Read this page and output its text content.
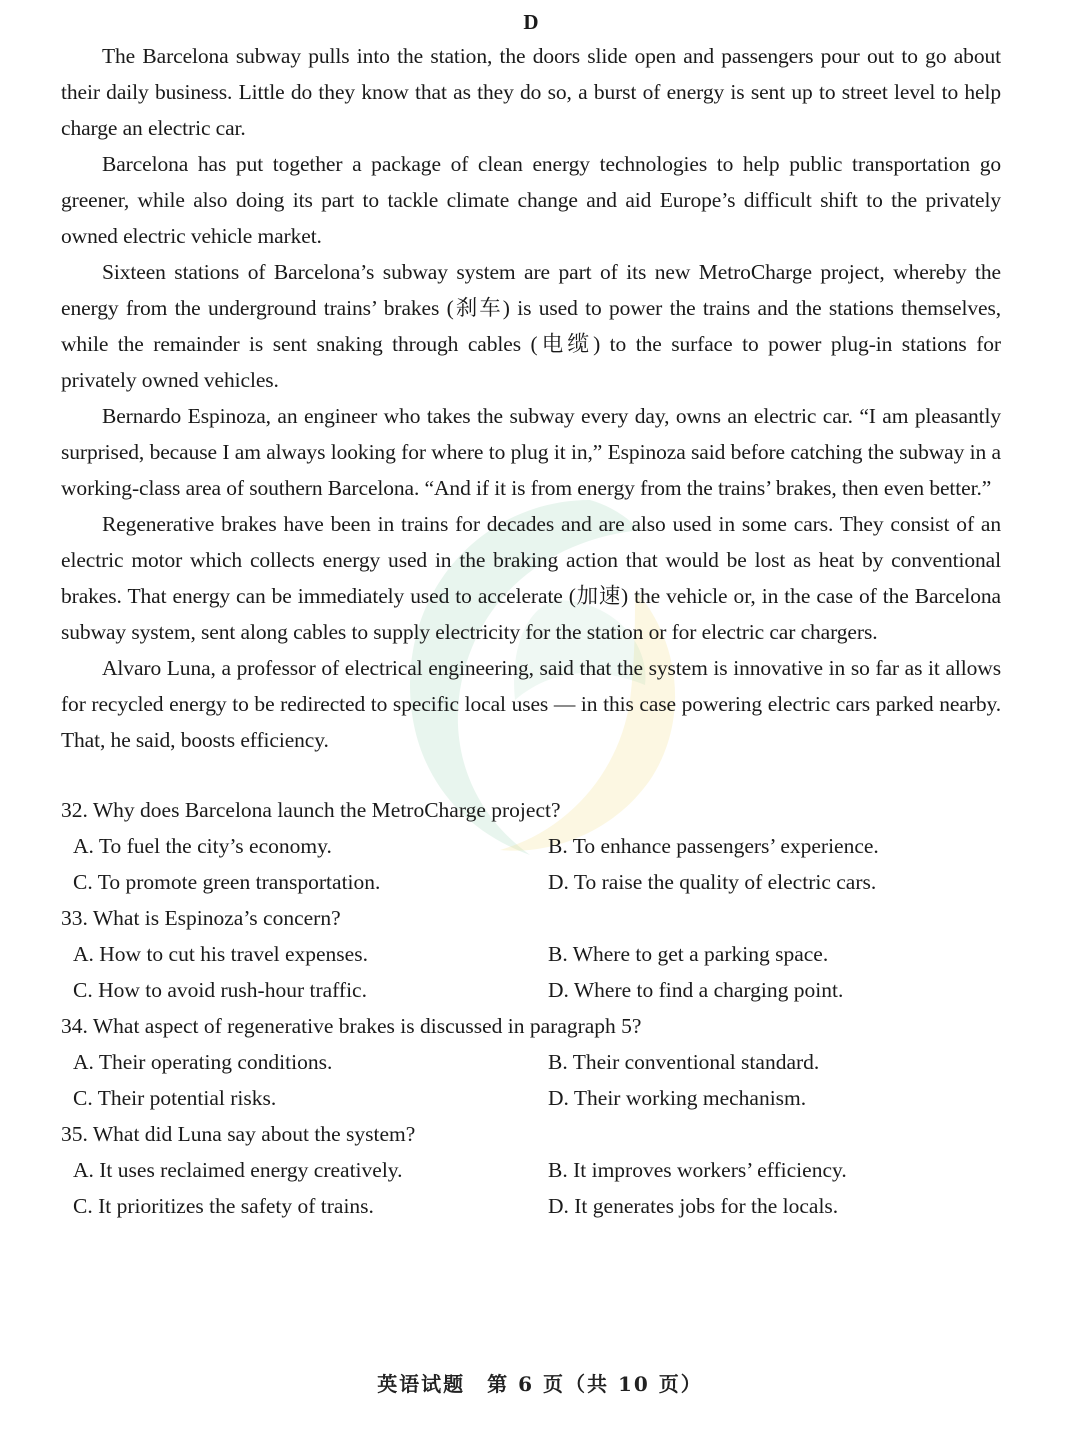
D

The Barcelona subway pulls into the station, the doors slide open and passengers pour out to go about their daily business. Little do they know that as they do so, a burst of energy is sent up to street level to help charge an electric car.

Barcelona has put together a package of clean energy technologies to help public transportation go greener, while also doing its part to tackle climate change and aid Europe’s difficult shift to the privately owned electric vehicle market.

Sixteen stations of Barcelona’s subway system are part of its new MetroCharge project, whereby the energy from the underground trains’ brakes (刹车) is used to power the trains and the stations themselves, while the remainder is sent snaking through cables (电缆) to the surface to power plug-in stations for privately owned vehicles.

Bernardo Espinoza, an engineer who takes the subway every day, owns an electric car. “I am pleasantly surprised, because I am always looking for where to plug it in,” Espinoza said before catching the subway in a working-class area of southern Barcelona. “And if it is from energy from the trains’ brakes, then even better.”

Regenerative brakes have been in trains for decades and are also used in some cars. They consist of an electric motor which collects energy used in the braking action that would be lost as heat by conventional brakes. That energy can be immediately used to accelerate (加速) the vehicle or, in the case of the Barcelona subway system, sent along cables to supply electricity for the station or for electric car chargers.

Alvaro Luna, a professor of electrical engineering, said that the system is innovative in so far as it allows for recycled energy to be redirected to specific local uses — in this case powering electric cars parked nearby. That, he said, boosts efficiency.

32. Why does Barcelona launch the MetroCharge project?

A. To fuel the city’s economy.	B. To enhance passengers’ experience.
C. To promote green transportation.	D. To raise the quality of electric cars.

33. What is Espinoza’s concern?

A. How to cut his travel expenses.	B. Where to get a parking space.
C. How to avoid rush-hour traffic.	D. Where to find a charging point.

34. What aspect of regenerative brakes is discussed in paragraph 5?

A. Their operating conditions.	B. Their conventional standard.
C. Their potential risks.	D. Their working mechanism.

35. What did Luna say about the system?

A. It uses reclaimed energy creatively.	B. It improves workers’ efficiency.
C. It prioritizes the safety of trains.	D. It generates jobs for the locals.
英语试题　第 6 页（共 10 页）
